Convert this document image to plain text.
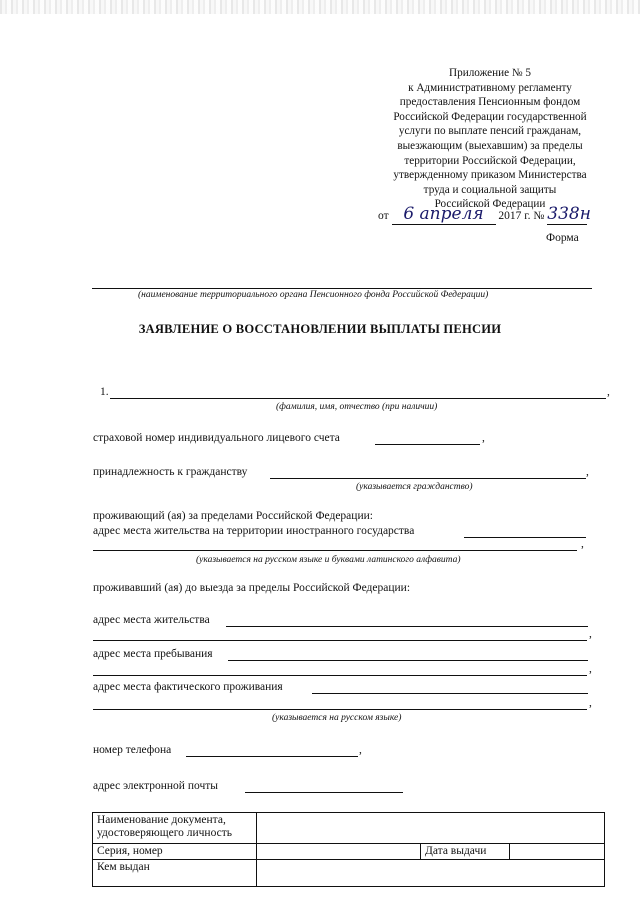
Приложение № 5
к Административному регламенту
предоставления Пенсионным фондом
Российской Федерации государственной
услуги по выплате пенсий гражданам,
выезжающим (выехавшим) за пределы
территории Российской Федерации,
утвержденному приказом Министерства
труда и социальной защиты
Российской Федерации
от 6 апреля 2017 г. № 338н
Форма
(наименование территориального органа Пенсионного фонда Российской Федерации)
ЗАЯВЛЕНИЕ О ВОССТАНОВЛЕНИИ ВЫПЛАТЫ ПЕНСИИ
1.	,
(фамилия, имя, отчество (при наличии)
страховой номер индивидуального лицевого счета	,
принадлежность к гражданству	,
(указывается гражданство)
проживающий (ая) за пределами Российской Федерации:
адрес места жительства на территории иностранного государства
,
(указывается на русском языке и буквами латинского алфавита)
проживавший (ая) до выезда за пределы Российской Федерации:
адрес места жительства
,
адрес места пребывания
,
адрес места фактического проживания
,
(указывается на русском языке)
номер телефона	,
адрес электронной почты
Наименование документа, удостоверяющего личность			
Серия, номер		Дата выдачи	
Кем выдан			
